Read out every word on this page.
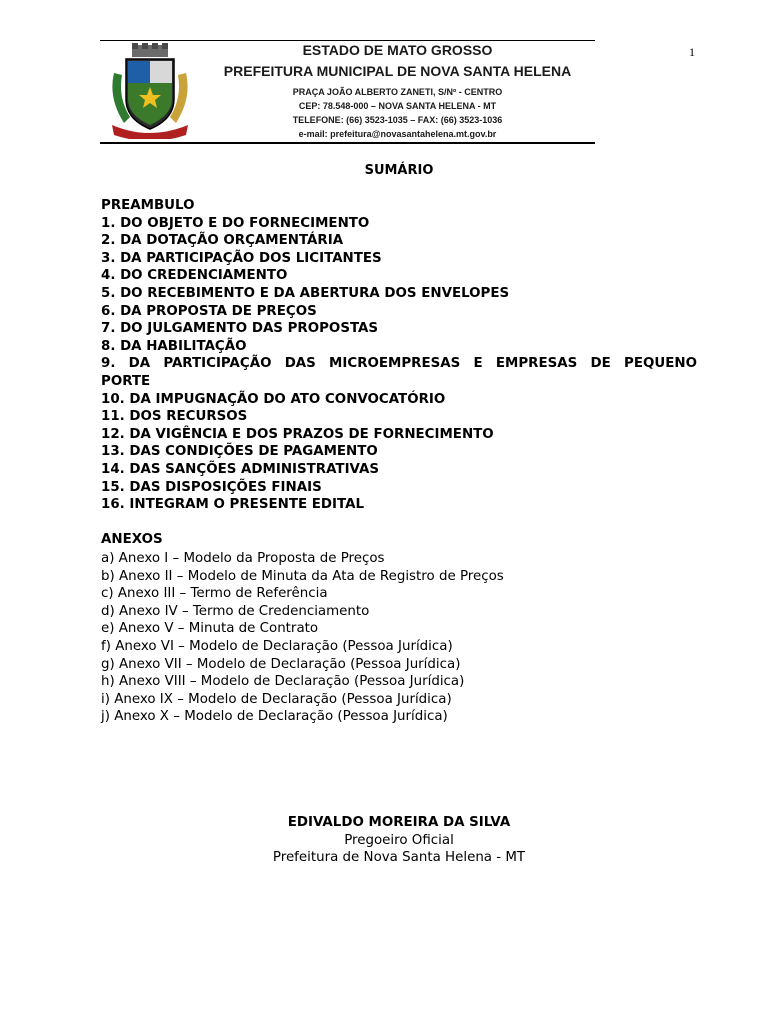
1
ESTADO DE MATO GROSSO
PREFEITURA MUNICIPAL DE NOVA SANTA HELENA
PRAÇA JOÃO ALBERTO ZANETI, S/Nº - CENTRO
CEP: 78.548-000 – NOVA SANTA HELENA - MT
TELEFONE: (66) 3523-1035 – FAX: (66) 3523-1036
e-mail: prefeitura@novasantahelena.mt.gov.br
SUMÁRIO
PREAMBULO
1. DO OBJETO E DO FORNECIMENTO
2. DA DOTAÇÃO ORÇAMENTÁRIA
3. DA PARTICIPAÇÃO DOS LICITANTES
4. DO CREDENCIAMENTO
5. DO RECEBIMENTO E DA ABERTURA DOS ENVELOPES
6. DA PROPOSTA DE PREÇOS
7. DO JULGAMENTO DAS PROPOSTAS
8. DA HABILITAÇÃO
9. DA PARTICIPAÇÃO DAS MICROEMPRESAS E EMPRESAS DE PEQUENO
PORTE
10. DA IMPUGNAÇÃO DO ATO CONVOCATÓRIO
11. DOS RECURSOS
12. DA VIGÊNCIA E DOS PRAZOS DE FORNECIMENTO
13. DAS CONDIÇÕES DE PAGAMENTO
14. DAS SANÇÕES ADMINISTRATIVAS
15. DAS DISPOSIÇÕES FINAIS
16. INTEGRAM O PRESENTE EDITAL
ANEXOS
a) Anexo I – Modelo da Proposta de Preços
b) Anexo II – Modelo de Minuta da Ata de Registro de Preços
c) Anexo III – Termo de Referência
d) Anexo IV – Termo de Credenciamento
e) Anexo V – Minuta de Contrato
f) Anexo VI – Modelo de Declaração (Pessoa Jurídica)
g) Anexo VII – Modelo de Declaração (Pessoa Jurídica)
h) Anexo VIII – Modelo de Declaração (Pessoa Jurídica)
i) Anexo IX – Modelo de Declaração (Pessoa Jurídica)
j) Anexo X – Modelo de Declaração (Pessoa Jurídica)
EDIVALDO MOREIRA DA SILVA
Pregoeiro Oficial
Prefeitura de Nova Santa Helena - MT
